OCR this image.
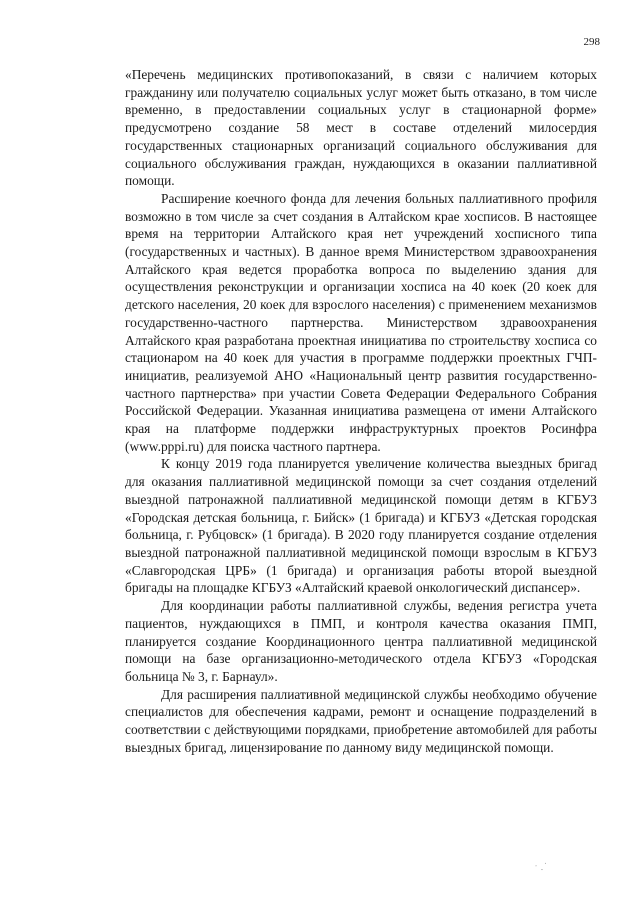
298

«Перечень медицинских противопоказаний, в связи с наличием которых гражданину или получателю социальных услуг может быть отказано, в том числе временно, в предоставлении социальных услуг в стационарной форме» предусмотрено создание 58 мест в составе отделений милосердия государственных стационарных организаций социального обслуживания для социального обслуживания граждан, нуждающихся в оказании паллиативной помощи.

Расширение коечного фонда для лечения больных паллиативного профиля возможно в том числе за счет создания в Алтайском крае хосписов. В настоящее время на территории Алтайского края нет учреждений хосписного типа (государственных и частных). В данное время Министерством здравоохранения Алтайского края ведется проработка вопроса по выделению здания для осуществления реконструкции и организации хосписа на 40 коек (20 коек для детского населения, 20 коек для взрослого населения) с применением механизмов государственно-частного партнерства. Министерством здравоохранения Алтайского края разработана проектная инициатива по строительству хосписа со стационаром на 40 коек для участия в программе поддержки проектных ГЧП-инициатив, реализуемой АНО «Национальный центр развития государственно-частного партнерства» при участии Совета Федерации Федерального Собрания Российской Федерации. Указанная инициатива размещена от имени Алтайского края на платформе поддержки инфраструктурных проектов Росинфра (www.pppi.ru) для поиска частного партнера.

К концу 2019 года планируется увеличение количества выездных бригад для оказания паллиативной медицинской помощи за счет создания отделений выездной патронажной паллиативной медицинской помощи детям в КГБУЗ «Городская детская больница, г. Бийск» (1 бригада) и КГБУЗ «Детская городская больница, г. Рубцовск» (1 бригада). В 2020 году планируется создание отделения выездной патронажной паллиативной медицинской помощи взрослым в КГБУЗ «Славгородская ЦРБ» (1 бригада) и организация работы второй выездной бригады на площадке КГБУЗ «Алтайский краевой онкологический диспансер».

Для координации работы паллиативной службы, ведения регистра учета пациентов, нуждающихся в ПМП, и контроля качества оказания ПМП, планируется создание Координационного центра паллиативной медицинской помощи на базе организационно-методического отдела КГБУЗ «Городская больница № 3, г. Барнаул».

Для расширения паллиативной медицинской службы необходимо обучение специалистов для обеспечения кадрами, ремонт и оснащение подразделений в соответствии с действующими порядками, приобретение автомобилей для работы выездных бригад, лицензирование по данному виду медицинской помощи.

˙ . ˙
